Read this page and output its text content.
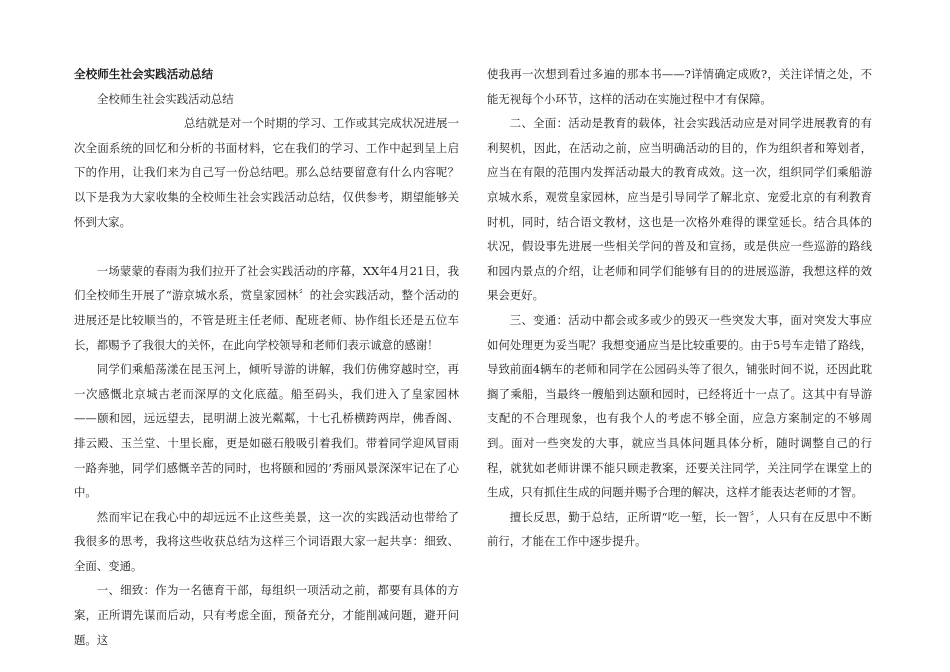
全校师生社会实践活动总结
全校师生社会实践活动总结

总结就是对一个时期的学习、工作或其完成状况进展一次全面系统的回忆和分析的书面材料，它在我们的学习、工作中起到呈上启下的作用，让我们来为自己写一份总结吧。那么总结要留意有什么内容呢？以下是我为大家收集的全校师生社会实践活动总结，仅供参考，期望能够关怀到大家。

一场蒙蒙的春雨为我们拉开了社会实践活动的序幕，XX年4月21日，我们全校师生开展了“游京城水系，赏皇家园林〞的社会实践活动，整个活动的进展还是比较顺当的，不管是班主任老师、配班老师、协作组长还是五位车长，都赐予了我很大的关怀，在此向学校领导和老师们表示诚意的感谢！

同学们乘船荡漾在昆玉河上，倾听导游的讲解，我们仿佛穿越时空，再一次感慨北京城古老而深厚的文化底蕴。船至码头，我们进入了皇家园林——颐和园，远远望去，昆明湖上波光粼粼，十七孔桥横跨两岸，佛香阁、排云殿、玉兰堂、十里长廊，更是如磁石般吸引着我们。带着同学迎风冒雨一路奔驰，同学们感慨辛苦的同时，也将颐和园的’秀丽风景深深牢记在了心中。

然而牢记在我心中的却远远不止这些美景，这一次的实践活动也带给了我很多的思考，我将这些收获总结为这样三个词语跟大家一起共享：细致、全面、变通。

一、细致：作为一名德育干部，每组织一项活动之前，都要有具体的方案，正所谓先谋而后动，只有考虑全面，预备充分，才能削减问题，避开问题。这

使我再一次想到看过多遍的那本书——?详情确定成败?，关注详情之处，不能无视每个小环节，这样的活动在实施过程中才有保障。

二、全面：活动是教育的载体，社会实践活动应是对同学进展教育的有利契机，因此，在活动之前，应当明确活动的目的，作为组织者和筹划者，应当在有限的范围内发挥活动最大的教育成效。这一次，组织同学们乘船游京城水系，观赏皇家园林，应当是引导同学了解北京、宠爱北京的有利教育时机，同时，结合语文教材，这也是一次格外难得的课堂延长。结合具体的状况，假设事先进展一些相关学问的普及和宣扬，或是供应一些巡游的路线和园内景点的介绍，让老师和同学们能够有目的的进展巡游，我想这样的效果会更好。

三、变通：活动中都会或多或少的毁灭一些突发大事，面对突发大事应如何处理更为妥当呢？我想变通应当是比较重要的。由于5号车走错了路线，导致前面4辆车的老师和同学在公园码头等了很久，铺张时间不说，还因此耽搁了乘船，当最终一艘船到达颐和园时，已经将近十一点了。这其中有导游支配的不合理现象，也有我个人的考虑不够全面，应急方案制定的不够周到。面对一些突发的大事，就应当具体问题具体分析，随时调整自己的行程，就犹如老师讲课不能只顾走教案，还要关注同学，关注同学在课堂上的生成，只有抓住生成的问题并赐予合理的解决，这样才能表达老师的才智。

擅长反思，勤于总结，正所谓“吃一堑，长一智〞，人只有在反思中不断前行，才能在工作中逐步提升。
